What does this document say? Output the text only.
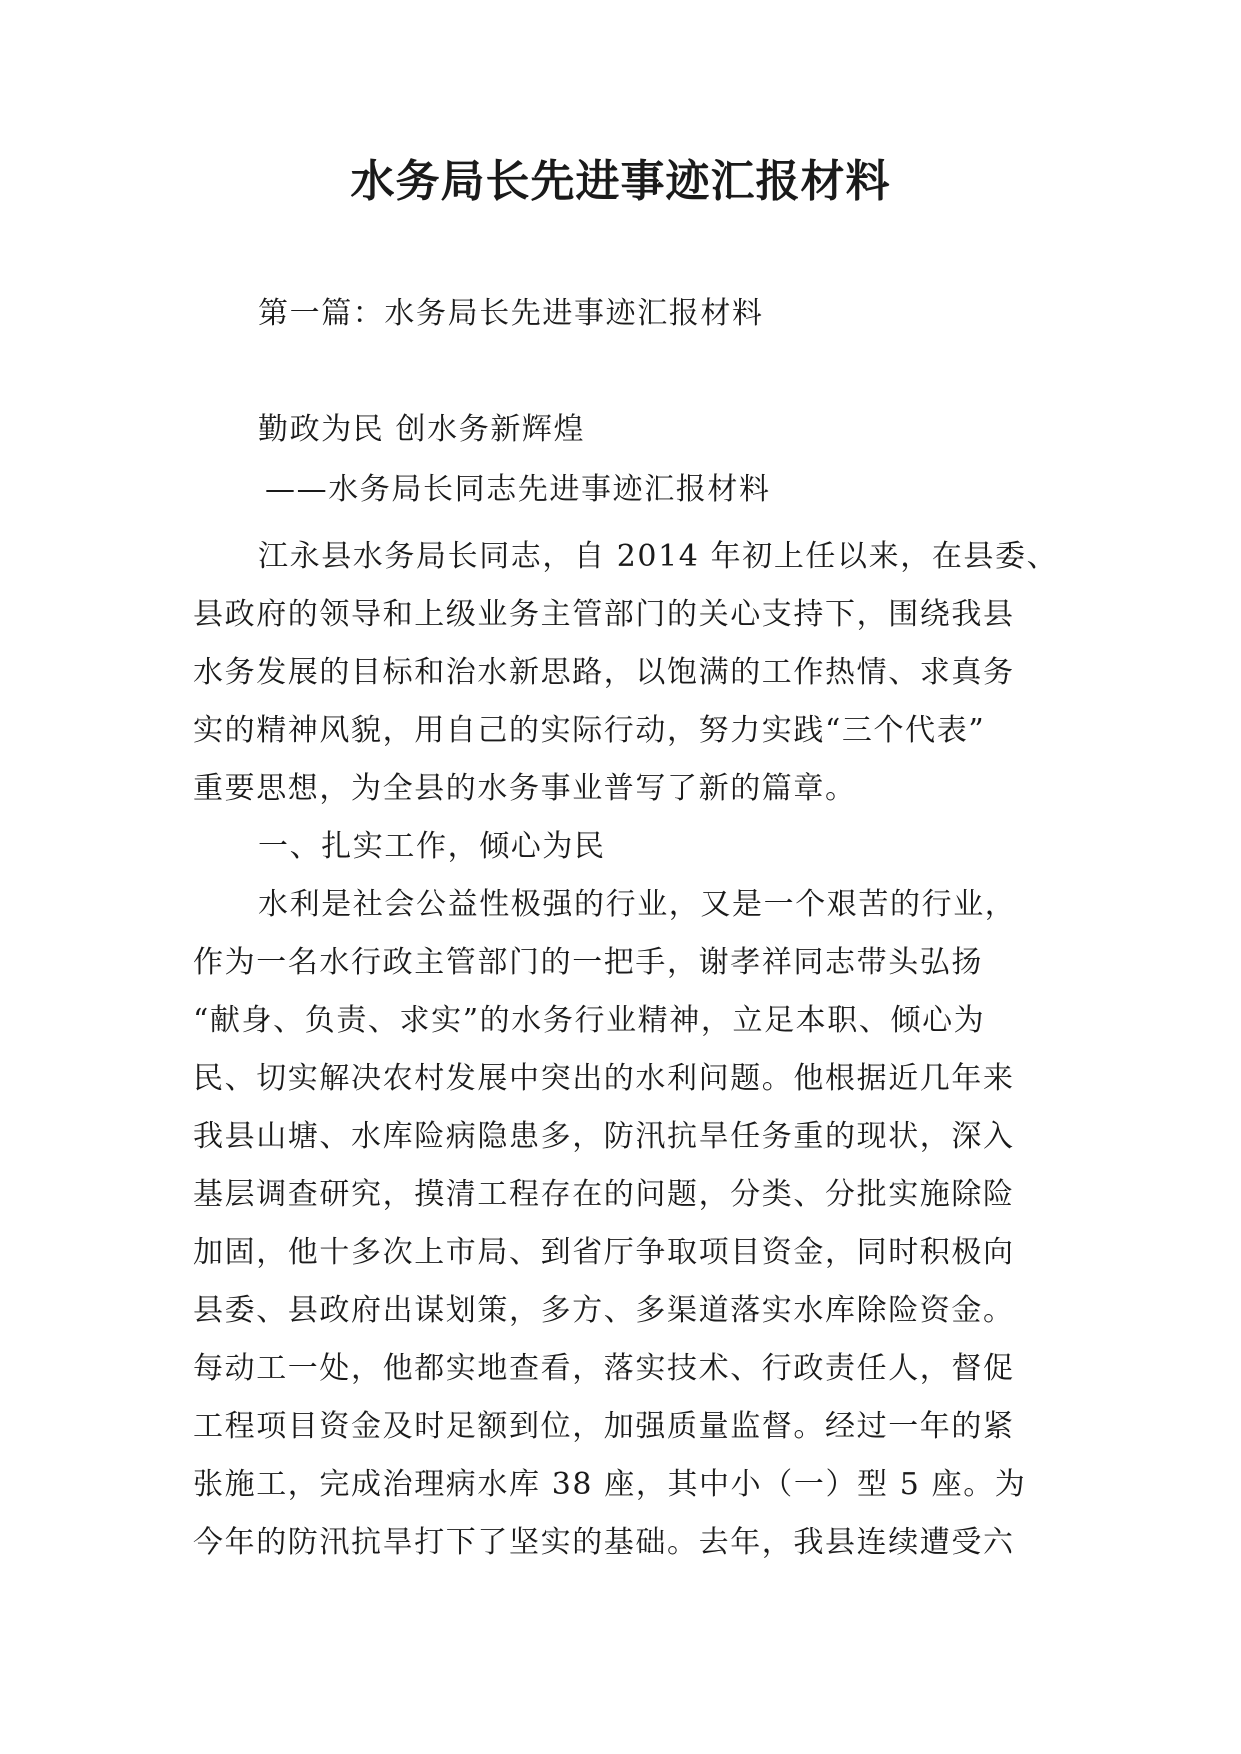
水务局长先进事迹汇报材料
第一篇：水务局长先进事迹汇报材料
勤政为民 创水务新辉煌
——水务局长同志先进事迹汇报材料
江永县水务局长同志，自 2014 年初上任以来，在县委、
县政府的领导和上级业务主管部门的关心支持下，围绕我县
水务发展的目标和治水新思路，以饱满的工作热情、求真务
实的精神风貌，用自己的实际行动，努力实践“三个代表”
重要思想，为全县的水务事业普写了新的篇章。
一、扎实工作，倾心为民
水利是社会公益性极强的行业，又是一个艰苦的行业，
作为一名水行政主管部门的一把手，谢孝祥同志带头弘扬
“献身、负责、求实”的水务行业精神，立足本职、倾心为
民、切实解决农村发展中突出的水利问题。他根据近几年来
我县山塘、水库险病隐患多，防汛抗旱任务重的现状，深入
基层调查研究，摸清工程存在的问题，分类、分批实施除险
加固，他十多次上市局、到省厅争取项目资金，同时积极向
县委、县政府出谋划策，多方、多渠道落实水库除险资金。
每动工一处，他都实地查看，落实技术、行政责任人，督促
工程项目资金及时足额到位，加强质量监督。经过一年的紧
张施工，完成治理病水库 38 座，其中小（一）型 5 座。为
今年的防汛抗旱打下了坚实的基础。去年，我县连续遭受六
